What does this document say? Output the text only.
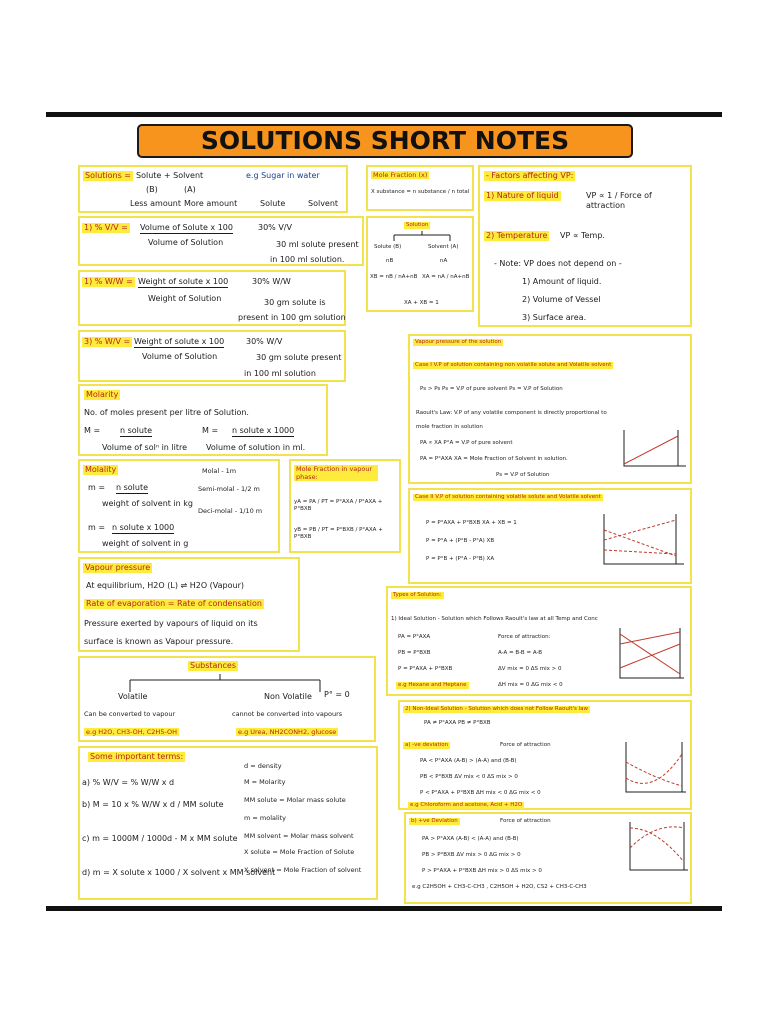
SOLUTIONS SHORT NOTES
Solutions = Solute + Solvent	e.g Sugar in water
(B)	(A)
Less amount More amount	Solute	Solvent
1) % V/V = Volume of Solute x 100
Volume of Solution
30% V/V
30 ml solute present
in 100 ml solution.
1) % W/W = Weight of solute x 100
Weight of Solution
30% W/W
30 gm solute is
present in 100 gm solution
3) % W/V = Weight of solute x 100
Volume of Solution
30% W/V
30 gm solute present
in 100 ml solution
Molarity
No. of moles present per litre of Solution.
M = n solute
Volume of solⁿ in litre
M = n solute x 1000
Volume of solution in ml.
Molality
m = n solute
weight of solvent in kg
m = n solute x 1000
weight of solvent in g
Molal - 1m
Semi-molal - 1/2 m
Deci-molal - 1/10 m
Mole Fraction in vapour phase:
yA = PA / PT = P°AXA / P°AXA + P°BXB
yB = PB / PT = P°BXB / P°AXA + P°BXB
Vapour pressure
At equilibrium, H2O (L) ⇌ H2O (Vapour)
Rate of evaporation = Rate of condensation
Pressure exerted by vapours of liquid on its
surface is known as Vapour pressure.
Substances
Volatile	Non Volatile P° = 0
Can be converted to vapour	cannot be converted into vapours
e.g H2O, CH3-OH, C2H5-OH	e.g Urea, NH2CONH2, glucose
Some important terms:
a) % W/V = % W/W x d
b) M = 10 x % W/W x d / MM solute
c) m = 1000M / 1000d - M x MM solute
d) m = X solute x 1000 / X solvent x MM solvent
d = density
M = Molarity
MM solute = Molar mass solute
m = molality
MM solvent = Molar mass solvent
X solute = Mole Fraction of Solute
X solvent = Mole Fraction of solvent
Mole Fraction (x)
X substance = n substance / n total
Solution
Solute (B)	Solvent (A)
nB	nA
XB = nB / nA+nB XA = nA / nA+nB
XA + XB = 1
- Factors affecting VP:
1) Nature of liquid	VP ∝ 1 / Force of attraction
2) Temperature VP ∝ Temp.
- Note: VP does not depend on -
1) Amount of liquid.
2) Volume of Vessel
3) Surface area.
Vapour pressure of the solution
Case I V.P of solution containing non volatile solute and Volatile solvent
Ps > Ps Ps = V.P of pure solvent Ps = V.P of Solution
Raoult's Law: V.P of any volatile component is directly proportional to
mole fraction in solution
PA ∝ XA P°A = V.P of pure solvent
PA = P°AXA XA = Mole Fraction of Solvent in solution.
Ps = V.P of Solution
Case II V.P of solution containing volatile solute and Volatile solvent
P = P°AXA + P°BXB XA + XB = 1
P = P°A + (P°B - P°A) XB
P = P°B + (P°A - P°B) XA
Types of Solution:
1) Ideal Solution - Solution which Follows Raoult's law at all Temp and Conc
PA = P°AXA
PB = P°BXB
P = P°AXA + P°BXB
Force of attraction:
A-A = B-B = A-B
ΔV mix = 0 ΔS mix > 0
ΔH mix = 0 ΔG mix < 0
e.g Hexane and Heptane
2) Non-Ideal Solution - Solution which does not Follow Raoult's law
PA ≠ P°AXA PB ≠ P°BXB
a) -ve deviation	Force of attraction
PA < P°AXA (A-B) > (A-A) and (B-B)
PB < P°BXB ΔV mix < 0 ΔS mix > 0
P < P°AXA + P°BXB ΔH mix < 0 ΔG mix < 0
e.g Chloroform and acetone, Acid + H2O
b) +ve Deviation	Force of attraction
PA > P°AXA (A-B) < (A-A) and (B-B)
PB > P°BXB ΔV mix > 0 ΔG mix > 0
P > P°AXA + P°BXB ΔH mix > 0 ΔS mix > 0
e.g C2H5OH + CH3-C-CH3 , C2H5OH + H2O, CS2 + CH3-C-CH3
